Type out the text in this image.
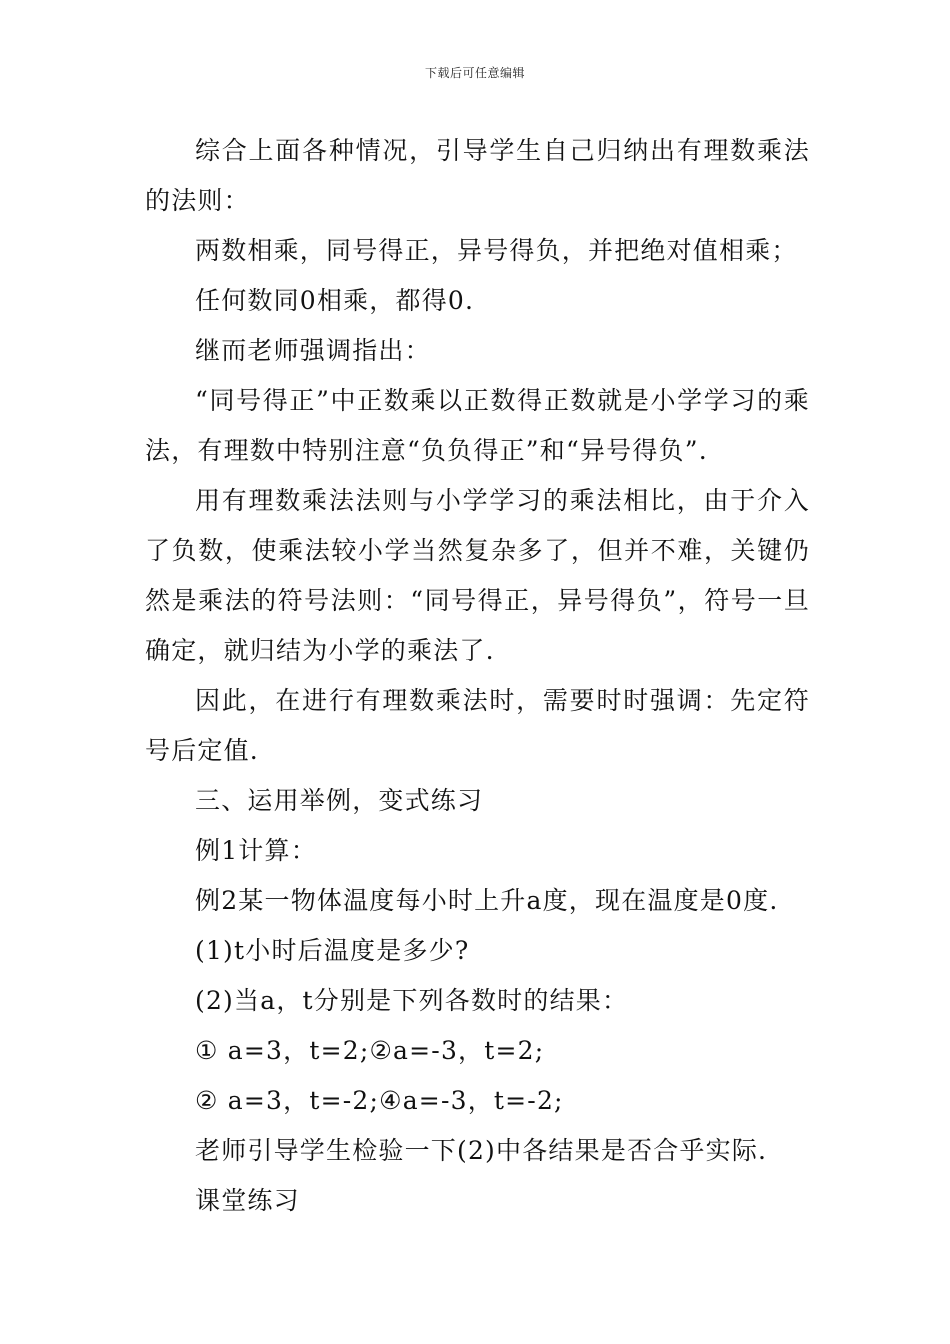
下载后可任意编辑

综合上面各种情况，引导学生自己归纳出有理数乘法的法则：

两数相乘，同号得正，异号得负，并把绝对值相乘；

任何数同0相乘，都得0.

继而老师强调指出：

“同号得正”中正数乘以正数得正数就是小学学习的乘法，有理数中特别注意“负负得正”和“异号得负”.

用有理数乘法法则与小学学习的乘法相比，由于介入了负数，使乘法较小学当然复杂多了，但并不难，关键仍然是乘法的符号法则：“同号得正，异号得负”，符号一旦确定，就归结为小学的乘法了.

因此，在进行有理数乘法时，需要时时强调：先定符号后定值.

三、运用举例，变式练习

例1计算：

例2某一物体温度每小时上升a度，现在温度是0度.

(1)t小时后温度是多少?

(2)当a，t分别是下列各数时的结果：

① a=3，t=2;②a=-3，t=2;

② a=3，t=-2;④a=-3，t=-2;

老师引导学生检验一下(2)中各结果是否合乎实际.

课堂练习
